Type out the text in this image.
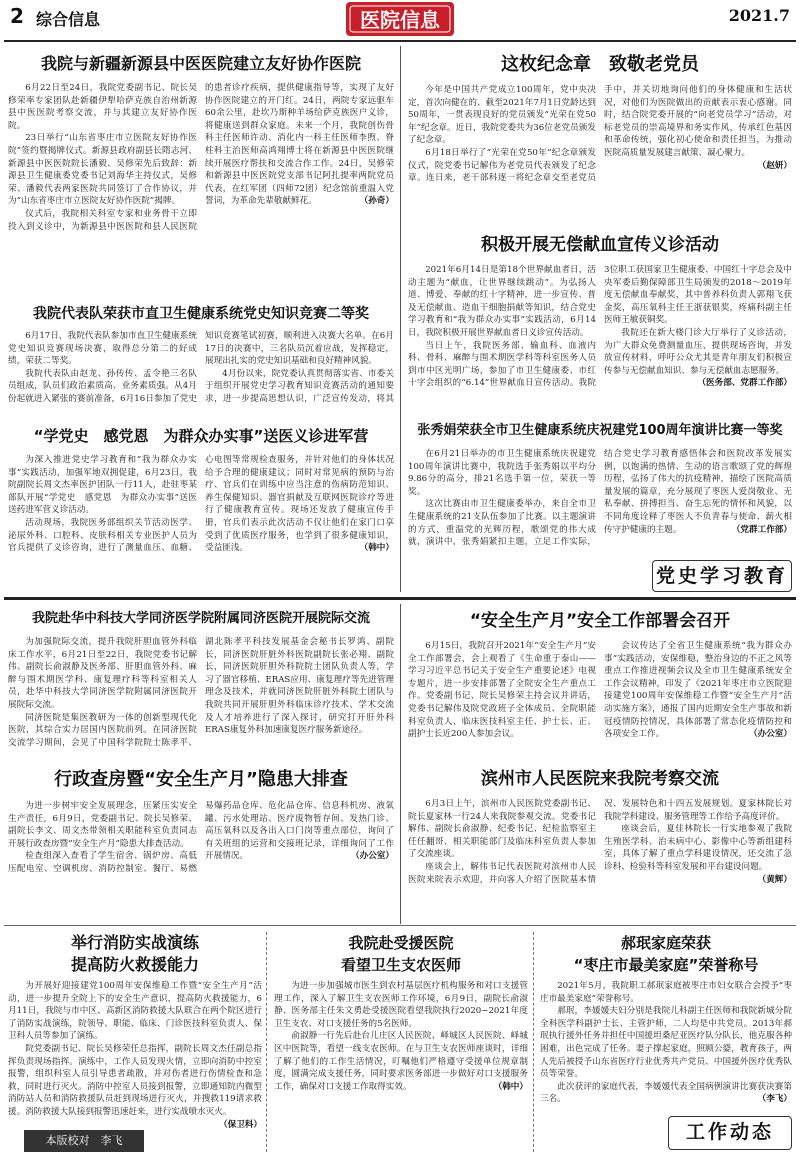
2 综合信息	医院信息	2021.7
我院与新疆新源县中医医院建立友好协作医院

6月22日至24日，我院党委副书记、院长吴修荣率专家团队赴新疆伊犁哈萨克族自治州新源县中医医院考察交流，并与其建立友好协作医院。

23日举行“山东省枣庄市立医院友好协作医院”签约暨揭牌仪式。新源县政府副县长隋志河、新源县中医医院院长潘毅、吴修荣先后致辞：新源县卫生健康委党委书记刘海华主持仪式，吴修荣、潘毅代表两家医院共同签订了合作协议，并为“山东省枣庄市立医院友好协作医院”揭牌。

仪式后，我院相关科室专家和业务骨干立即投入到义诊中，为新源县中医医院和县人民医院的患者诊疗疾病，提供健康指导等，实现了友好协作医院建立的开门红。24日，两院专家远驱车60余公里，赴坎乃斯种羊场给萨克族医户义诊，将健康送到群众家庭。未来一个月，我院创伤骨科主任医师许动、消化内一科主任医师李煦、脊柱科主治医师高鸿翔博士将在新源县中医医院继续开展医疗帮扶和交流合作工作。24日，吴修荣和新源县中医医院党支部书记阿扎提率两院党员代表，在红军团（四师72团）纪念馆前重温入党誓词，为革命先辈敬献鲜花。	（孙奇）

这枚纪念章　致敬老党员

今年是中国共产党成立100周年，党中央决定，首次向健在的、截至2021年7月1日党龄达到50周年，一贯表现良好的党员颁发“光荣在党50年”纪念章。近日，我院党委共为36位老党员颁发了纪念章。

6月18日举行了“光荣在党50年”纪念章颁发仪式，院党委书记解伟为老党员代表颁发了纪念章。连日来，老干部科逐一将纪念章交至老党员手中，并关切地询问他们的身体健康和生活状况，对他们为医院做出的贡献表示衷心感谢。同时，结合院党委开展的“向老党员学习”活动，对标老党员的崇高境界和务实作风，传承红色基因和革命传统，强化初心使命和责任担当，为推动医院高质量发展建言献策、凝心聚力。
（赵妍）

积极开展无偿献血宣传义诊活动

2021年6月14日是第18个世界献血者日，活动主题为“献血，让世界继续跳动”。为弘扬人道、博爱、奉献的红十字精神，进一步宣传、普及无偿献血、造血干细胞捐献等知识，结合党史学习教育和“我为群众办实事”实践活动，6月14日，我院积极开展世界献血者日义诊宣传活动。

当日上午，我院医务部、输血科、血液内科、骨科、麻醉与围术期医学科等科室医务人员到市中区光明广场，参加了市卫生健康委、市红十字会组织的“6.14”世界献血日宣传活动。我院3位职工获国家卫生健康委、中国红十字总会及中央军委后勤保障部卫生局颁发的2018～2019年度无偿献血奉献奖，其中普养科负责人郭翔飞获金奖，高压氧科主任王浙获银奖，疼痛科副主任医师王敏获铜奖。

我院还在新大楼门诊大厅举行了义诊活动，为广大群众免费测量血压、提供现场咨询，并发放宣传材料，呼吁公众尤其是青年朋友们积极宣传参与无偿献血知识、参与无偿献血志愿服务。
（医务部、党群工作部）

我院代表队荣获市直卫生健康系统党史知识竞赛二等奖

6月17日，我院代表队参加市直卫生健康系统党史知识竞赛现场决赛，取得总分第二的好成绩，荣获二等奖。

我院代表队由赵龙、孙传传、孟令艳三名队员组成，队员们政治素质高、业务素质强。从4月份起就进入紧张的赛前准备，6月16日参加了党史知识竞赛笔试初赛，顺利进入决赛大名单。在6月17日的决赛中，三名队员沉着应战，发挥稳定，展现出扎实的党史知识基础和良好精神风貌。

4月份以来，院党委认真贯彻落实省、市委关于组织开展党史学习教育知识竞赛活动的通知要求，进一步提高思想认识，广泛宣传发动，将其

“学党史　感党恩　为群众办实事”送医义诊进军营

为深入推进党史学习教育和“我为群众办实事”实践活动，加强军地双拥促建，6月23日，我院副院长周文杰率医护团队一行11人，赴驻枣某部队开展“学党史　感党恩　为群众办实事”送医送药进军营义诊活动。

活动现场，我院医务部组织关节活动医学、泌尿外科、口腔科、皮肤科相关专业医护人员为官兵提供了义诊咨询，进行了测量血压、血糖、心电图等常规检查服务，并针对他们的身体状况给予合理的健康建议；同时对常见病的预防与治疗、官兵们在训练中应当注意的伤病防范知识、养生保健知识、器官捐献及互联网医院诊疗等进行了健康教育宣传。现场还发放了健康宣传手册，官兵们表示此次活动不仅让他们在家门口享受到了优质医疗服务，也学到了很多健康知识，受益匪浅。	（韩中）

张秀娟荣获全市卫生健康系统庆祝建党100周年演讲比赛一等奖

在6月21日举办的市卫生健康系统庆祝建党100周年演讲比赛中，我院选手张秀娟以平均分9.86分的高分，排21名选手第一位，荣获一等奖。

这次比赛由市卫生健康委举办，来自全市卫生健康系统的21支队伍参加了比赛。以主题演讲的方式，重温党的光辉历程，歌颂党的伟大成就，演讲中，张秀娟紧扣主题，立足工作实际，结合党史学习教育感悟体会和医院改革发展实例，以饱满的热情、生动的语言歌颂了党的辉煌历程，弘扬了伟大的抗疫精神，描绘了医院高质量发展的篇章，充分展现了枣医人爱岗敬业、无私奉献、拼搏担当、奋生忘死的情怀和风貌，以不同角度诠释了枣医人不负青春与使命、薪火相传守护健康的主题。	（党群工作部）

党史学习教育
我院赴华中科技大学同济医学院附属同济医院开展院际交流

为加强院际交流，提升我院肝胆血管外科临床工作水平，6月21日至22日，我院党委书记解伟、副院长俞淑静及医务部、肝胆血管外科、麻醉与围术期医学科、康复理疗科等科室相关人员，赴华中科技大学同济医学院附属同济医院开展院际交流。

同济医院是集医教研为一体的创新型现代化医院，其综合实力居国内医院前列。在同济医院交流学习期间，会见了中国科学院院士陈孝平、湖北陈孝平科技发展基金会秘书长罗鸿、副院长，同济医院肝脏外科医院副院长张必翔、副院长，同济医院肝胆外科院院士团队负责人等，学习了器官移植、ERAS应用、康复理疗等先进管理理念及技术，并就同济医院肝脏外科院士团队与我院共同开展肝胆外科临床诊疗技术、学术交流及人才培养进行了深入探讨，研究打开肝外科ERAS康复外科加速康复医疗服务新途径。

“安全生产月”安全工作部署会召开

6月15日，我院召开2021年“安全生产月”安全工作部署会，会上观看了《生命重于泰山——学习习近平总书记关于安全生产重要论述》电视专题片，进一步安排部署了全院安全生产重点工作。党委副书记、院长吴修荣主持会议并讲话，党委书记解伟及院党政班子全体成员、全院职能科室负责人、临床医技科室主任、护士长、正、副护士长近200人参加会议。

会议传达了全省卫生健康系统“我为群众办事”实践活动，安保维稳，整治身边的不正之风等重点工作推进视频会议及全市卫生健康系统安全工作会议精神，印发了《2021年枣庄市立医院迎接建党100周年安保维稳工作暨“安全生产月”活动实施方案》，通报了国内近期安全生产事故和新冠疫情防控情况，具体部署了常态化疫情防控和各项安全工作。	（办公室）

行政查房暨“安全生产月”隐患大排查

为进一步树牢安全发展理念，压紧压实安全生产责任，6月9日，党委副书记、院长吴修荣、副院长李文、周文杰带领相关职能科室负责同志开展行政查房暨“安全生产月”隐患大排查活动。

检查组深入查看了学生宿舍、锅炉房、高低压配电室、空调机房、消防控制室、餐厅、易燃易爆药品仓库、危化品仓库、信息科机房、液氧罐、污水处理站、医疗废物暂存间、发热门诊、高压氧科以及各出入口门岗等重点部位，询问了有关班组的运营和交接班记录，详细询问了工作开展情况。	（办公室）

滨州市人民医院来我院考察交流

6月3日上午，滨州市人民医院党委副书记、院长夏家林一行24人来我院参观交流。党委书记解伟、副院长俞淑静、纪委书记、纪检监察室主任任翻哥、相关职能部门及临床科室负责人参加了交流座谈。

座谈会上，解伟书记代表医院对滨州市人民医院来院表示欢迎，并向客人介绍了医院基本情况、发展特色和十四五发展规划。夏家林院长对我院学科建设、服务管理等工作给予高度评价。

座谈会后，夏佳林院长一行实地参观了我院生殖医学科、治未病中心、影像中心等新组建科室，具体了解了重点学科建设情况，还交流了急诊科、检验科等科室发展和平台建设问题。
（黄辉）

举行消防实战演练
提高防火救援能力

为开展好迎接建党100周年安保维稳工作暨“安全生产月”活动，进一步提升全院上下的安全生产意识，提高防火救援能力，6月11日，我院与市中区、高新区消防救援大队联合在两个院区进行了消防实战演练，院领导、职能、临床、门诊医技科室负责人、保卫科人员等参加了演练。

院党委副书记、院长吴修荣任总指挥，副院长周文杰任副总指挥负责现场指挥。演练中，工作人员发现火情，立即向消防中控室报警，组织科室人员引导患者疏散，并对伤者进行伤情检查和急救，同时进行灭火。消防中控室人员接到报警，立即通知院内微型消防站人员和消防救援队员赶到现场进行灭火，并搜救119请求救援。消防救援大队接到报警迅速赶来，进行实战喷水灭火。
（保卫科）

我院赴受援医院
看望卫生支农医师

为进一步加强城市医生到农村基层医疗机构服务和对口支援管理工作，深入了解卫生支农医师工作环境，6月9日，副院长俞淑静、医务部主任朱文勇赴受援医院看望我院执行2020~2021年度卫生支农、对口支援任务的5名医师。

俞淑静一行先后赴台儿庄区人民医院、峄城区人民医院、峄城区中医院等，看望一线支农医师。在与卫生支农医师座谈时，详细了解了他们的工作生活情况，叮嘱他们严格遵守受援单位规章制度，圆满完成支援任务，同时要求医务部进一步做好对口支援服务工作，确保对口支援工作取得实效。	（韩中）

郝珉家庭荣获
“枣庄市最美家庭”荣誉称号

2021年5月，我院职工郝珉家庭被枣庄市妇女联合会授予“枣庄市最美家庭”荣誉称号。

郝珉，李媛媛夫妇分别是我院儿科副主任医师和我院新城分院全科医学科副护士长、主管护师，二人均是中共党员。2013年郝珉执行援外任务并担任中国援坦桑尼亚医疗队分队长，他克服各种困难，出色完成了任务。妻子撑起家庭，照顾公婆，教育孩子，两人先后被授予山东省医疗行业优秀共产党员、中国援外医疗优秀队员等荣誉。

此次获评的家庭代表，李媛媛代表全国病例演讲比赛获决赛第三名。	（李飞）

工作动态
本版校对　李飞
